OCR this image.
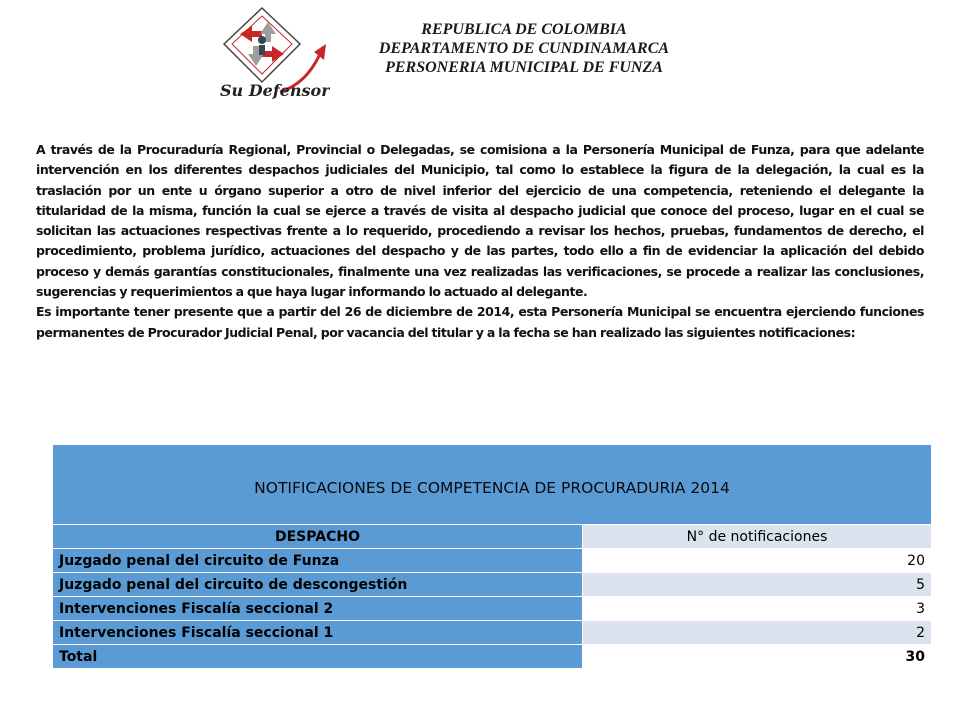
Su Defensor
REPUBLICA DE COLOMBIA
DEPARTAMENTO DE CUNDINAMARCA
PERSONERIA MUNICIPAL DE FUNZA

A través de la Procuraduría Regional, Provincial o Delegadas, se comisiona a la Personería Municipal de Funza, para que adelante intervención en los diferentes despachos judiciales del Municipio, tal como lo establece la figura de la delegación, la cual es la traslación por un ente u órgano superior a otro de nivel inferior del ejercicio de una competencia, reteniendo el delegante la titularidad de la misma, función la cual se ejerce a través de visita al despacho judicial que conoce del proceso, lugar en el cual se solicitan las actuaciones respectivas frente a lo requerido, procediendo a revisar los hechos, pruebas, fundamentos de derecho, el procedimiento, problema jurídico, actuaciones del despacho y de las partes, todo ello a fin de evidenciar la aplicación del debido proceso y demás garantías constitucionales, finalmente una vez realizadas las verificaciones, se procede a realizar las conclusiones, sugerencias y requerimientos a que haya lugar informando lo actuado al delegante.

Es importante tener presente que a partir del 26 de diciembre de 2014, esta Personería Municipal se encuentra ejerciendo funciones permanentes de Procurador Judicial Penal, por vacancia del titular y a la fecha se han realizado las siguientes notificaciones:

NOTIFICACIONES DE COMPETENCIA DE PROCURADURIA 2014	
DESPACHO	N° de notificaciones
Juzgado penal del circuito de Funza	20
Juzgado penal del circuito de descongestión	5
Intervenciones Fiscalía seccional 2	3
Intervenciones Fiscalía seccional 1	2
Total	30
